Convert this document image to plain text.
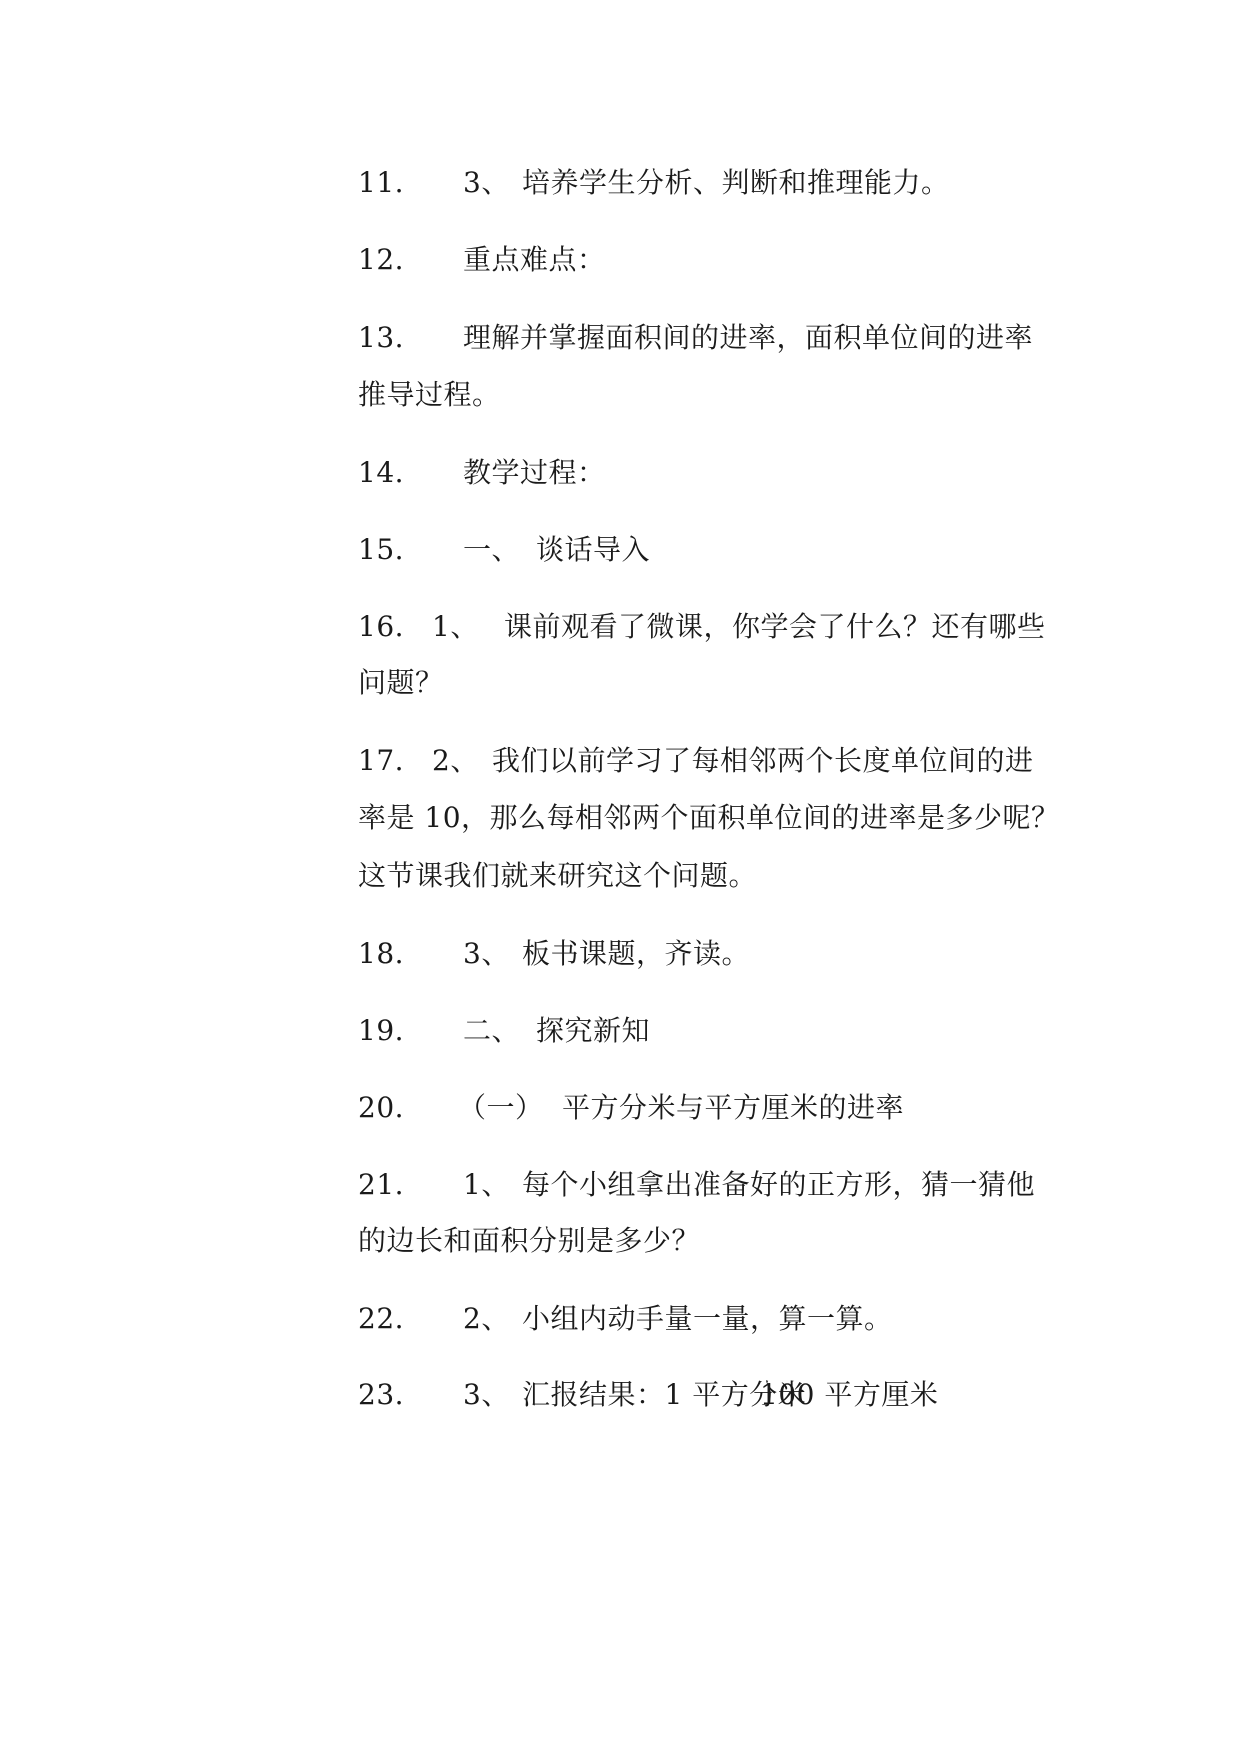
11. 3、 培养学生分析、判断和推理能力。
12. 重点难点：
13. 理解并掌握面积间的进率，面积单位间的进率
推导过程。
14. 教学过程：
15. 一、 谈话导入
16. 1、 课前观看了微课，你学会了什么？还有哪些
问题？
17. 2、 我们以前学习了每相邻两个长度单位间的进
率是 10，那么每相邻两个面积单位间的进率是多少呢？
这节课我们就来研究这个问题。
18. 3、 板书课题，齐读。
19. 二、 探究新知
20. （一） 平方分米与平方厘米的进率
21. 1、 每个小组拿出准备好的正方形，猜一猜他
的边长和面积分别是多少？
22. 2、 小组内动手量一量，算一算。
23. 3、 汇报结果：1 平方分米
100 平方厘米
